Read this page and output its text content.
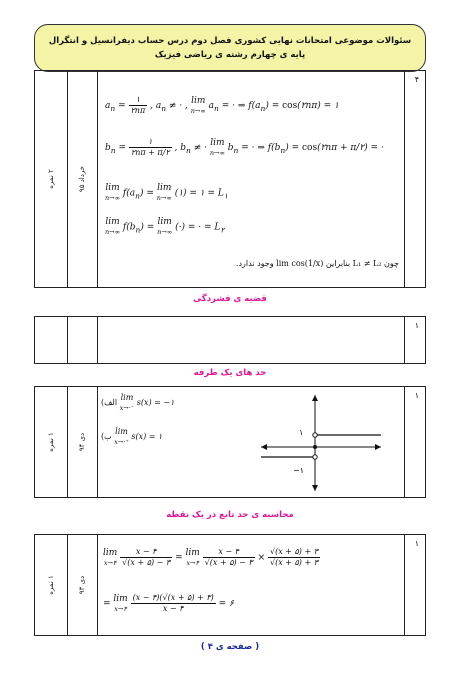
سئوالات موضوعی امتحانات نهایی کشوری فصل دوم درس حساب دیفرانسیل و انتگرال
پایه ی چهارم رشته ی ریاضی فیزیک
۲ نمره
خرداد ۹۵
۴
$a_n = \frac{۱}{۲n\pi}$ , $a_n$ ≠ · , lim
n→∞ $a_n$ = · ⇒ $f(a_n)$ = cos(۲nπ) = ۱
$b_n = \frac{۱}{۲n\pi + \pi/۲}$ , $b_n$ ≠ · lim
n→∞ $b_n$ = · ⇒ $f(b_n)$ = cos(۲nπ + π/۲) = ·
lim
n→∞ $f(a_n) = \lim$
n→∞ (۱) = ۱ = $L_۱$
lim
n→∞ $f(b_n) = \lim$
n→∞ (·) = · = $L_۲$
چون L₁ ≠ L₂ بنابراین lim cos(1/x) وجود ندارد.
قضیه ی فشردگی
۱
حد های یک طرفه
۱ نمره
دی ۹۴
۱
(الف lim
x→·⁻
s(x) = −۱
(ب lim
x→·⁺
s(x) = ۱	۱
−۱
محاسبه ی حد تابع در یک نقطه
۱ نمره
دی ۹۳
۱
lim
x→۴
$\frac{x - ۴}{√(x + ۵) - ۳} = \lim$
x→۴
$\frac{x - ۴}{√(x + ۵) - ۳} \times \frac{√(x + ۵) + ۳}{√(x + ۵) + ۳}$
= lim
x→۴
$\frac{(x - ۴)(√(x + ۵) + ۳)}{x - ۴}$ = ۶
( صفحه ی ۴ )
